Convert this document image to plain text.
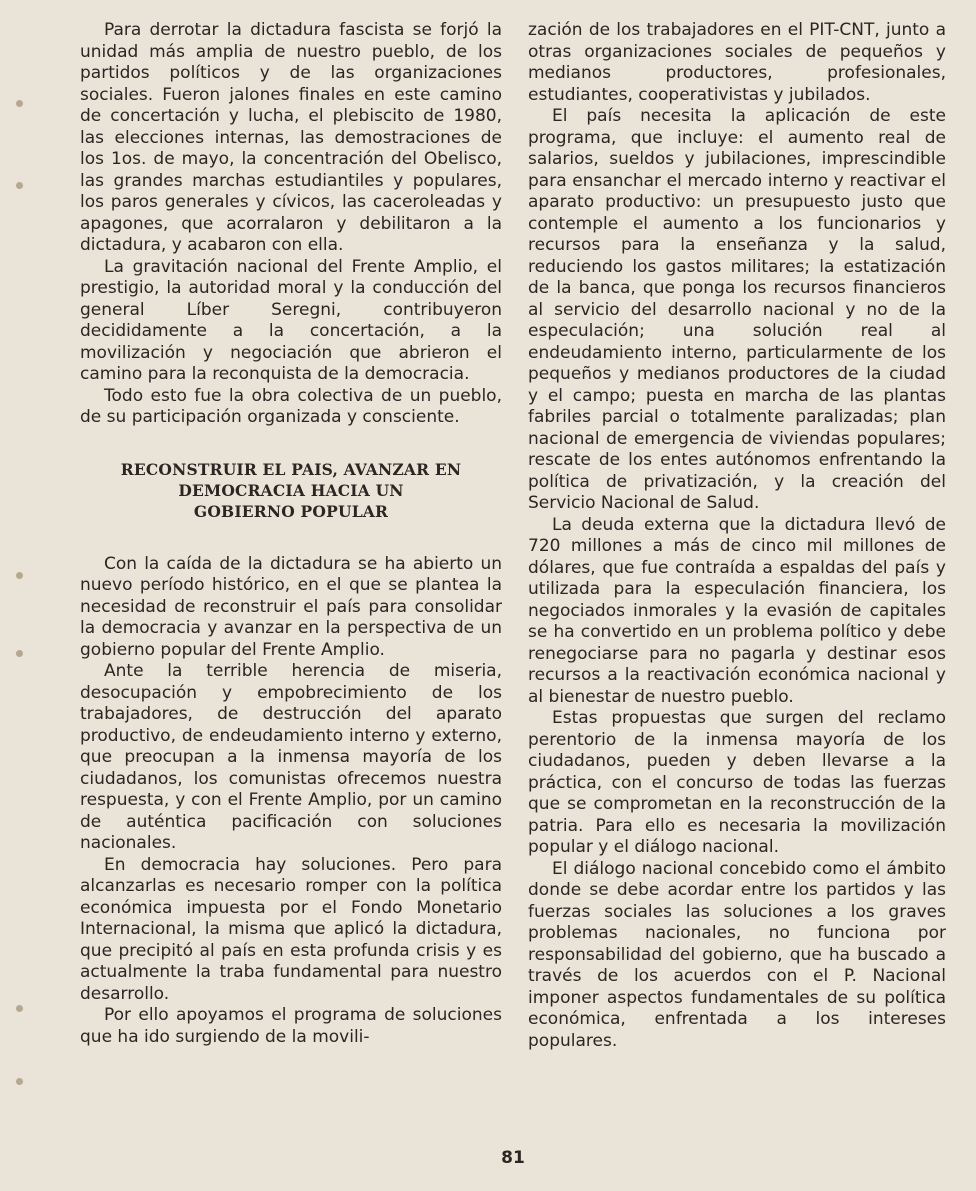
Para derrotar la dictadura fascista se forjó la unidad más amplia de nuestro pueblo, de los partidos políticos y de las organizaciones sociales. Fueron jalones finales en este camino de concertación y lucha, el plebiscito de 1980, las elecciones internas, las demostraciones de los 1os. de mayo, la concentración del Obelisco, las grandes marchas estudiantiles y populares, los paros generales y cívicos, las caceroleadas y apagones, que acorralaron y debilitaron a la dictadura, y acabaron con ella.

La gravitación nacional del Frente Amplio, el prestigio, la autoridad moral y la conducción del general Líber Seregni, contribuyeron decididamente a la concertación, a la movilización y negociación que abrieron el camino para la reconquista de la democracia.

Todo esto fue la obra colectiva de un pueblo, de su participación organizada y consciente.

RECONSTRUIR EL PAIS, AVANZAR EN
DEMOCRACIA HACIA UN
GOBIERNO POPULAR

Con la caída de la dictadura se ha abierto un nuevo período histórico, en el que se plantea la necesidad de reconstruir el país para consolidar la democracia y avanzar en la perspectiva de un gobierno popular del Frente Amplio.

Ante la terrible herencia de miseria, desocupación y empobrecimiento de los trabajadores, de destrucción del aparato productivo, de endeudamiento interno y externo, que preocupan a la inmensa mayoría de los ciudadanos, los comunistas ofrecemos nuestra respuesta, y con el Frente Amplio, por un camino de auténtica pacificación con soluciones nacionales.

En democracia hay soluciones. Pero para alcanzarlas es necesario romper con la política económica impuesta por el Fondo Monetario Internacional, la misma que aplicó la dictadura, que precipitó al país en esta profunda crisis y es actualmente la traba fundamental para nuestro desarrollo.

Por ello apoyamos el programa de soluciones que ha ido surgiendo de la movili-

zación de los trabajadores en el PIT-CNT, junto a otras organizaciones sociales de pequeños y medianos productores, profesionales, estudiantes, cooperativistas y jubilados.

El país necesita la aplicación de este programa, que incluye: el aumento real de salarios, sueldos y jubilaciones, imprescindible para ensanchar el mercado interno y reactivar el aparato productivo: un presupuesto justo que contemple el aumento a los funcionarios y recursos para la enseñanza y la salud, reduciendo los gastos militares; la estatización de la banca, que ponga los recursos financieros al servicio del desarrollo nacional y no de la especulación; una solución real al endeudamiento interno, particularmente de los pequeños y medianos productores de la ciudad y el campo; puesta en marcha de las plantas fabriles parcial o totalmente paralizadas; plan nacional de emergencia de viviendas populares; rescate de los entes autónomos enfrentando la política de privatización, y la creación del Servicio Nacional de Salud.

La deuda externa que la dictadura llevó de 720 millones a más de cinco mil millones de dólares, que fue contraída a espaldas del país y utilizada para la especulación financiera, los negociados inmorales y la evasión de capitales se ha convertido en un problema político y debe renegociarse para no pagarla y destinar esos recursos a la reactivación económica nacional y al bienestar de nuestro pueblo.

Estas propuestas que surgen del reclamo perentorio de la inmensa mayoría de los ciudadanos, pueden y deben llevarse a la práctica, con el concurso de todas las fuerzas que se comprometan en la reconstrucción de la patria. Para ello es necesaria la movilización popular y el diálogo nacional.

El diálogo nacional concebido como el ámbito donde se debe acordar entre los partidos y las fuerzas sociales las soluciones a los graves problemas nacionales, no funciona por responsabilidad del gobierno, que ha buscado a través de los acuerdos con el P. Nacional imponer aspectos fundamentales de su política económica, enfrentada a los intereses populares.

81
